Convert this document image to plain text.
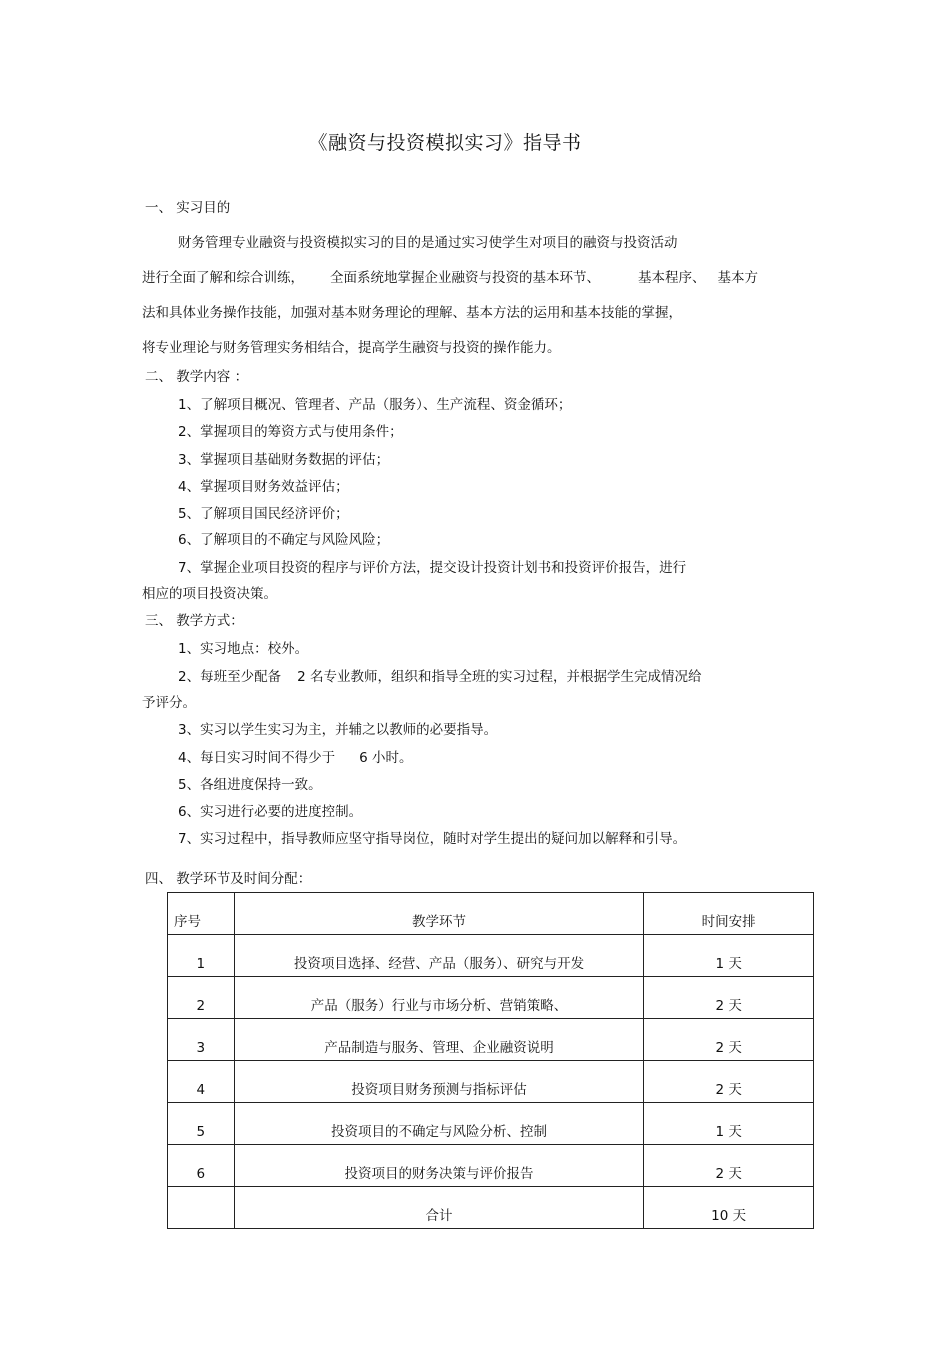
《融资与投资模拟实习》指导书
一、 实习目的
财务管理专业融资与投资模拟实习的目的是通过实习使学生对项目的融资与投资活动
进行全面了解和综合训练， 全面系统地掌握企业融资与投资的基本环节、	基本程序、 基本方
法和具体业务操作技能，加强对基本财务理论的理解、基本方法的运用和基本技能的掌握，
将专业理论与财务管理实务相结合，提高学生融资与投资的操作能力。
二、 教学内容 ：
1、了解项目概况、管理者、产品（服务）、生产流程、资金循环；
2、掌握项目的筹资方式与使用条件；
3、掌握项目基础财务数据的评估；
4、掌握项目财务效益评估；
5、了解项目国民经济评价；
6、了解项目的不确定与风险风险；
7、掌握企业项目投资的程序与评价方法，提交设计投资计划书和投资评价报告，进行
相应的项目投资决策。
三、 教学方式：
1、实习地点：校外。
2、每班至少配备 2 名专业教师，组织和指导全班的实习过程，并根据学生完成情况给
予评分。
3、实习以学生实习为主，并辅之以教师的必要指导。
4、每日实习时间不得少于 6 小时。
5、各组进度保持一致。
6、实习进行必要的进度控制。
7、实习过程中，指导教师应坚守指导岗位，随时对学生提出的疑问加以解释和引导。
四、 教学环节及时间分配：
序号	教学环节	时间安排

1	投资项目选择、经营、产品（服务）、研究与开发	1 天

2	产品（服务）行业与市场分析、营销策略、	2 天

3	产品制造与服务、管理、企业融资说明	2 天

4	投资项目财务预测与指标评估	2 天

5	投资项目的不确定与风险分析、控制	1 天

6	投资项目的财务决策与评价报告	2 天

	合计	10 天
